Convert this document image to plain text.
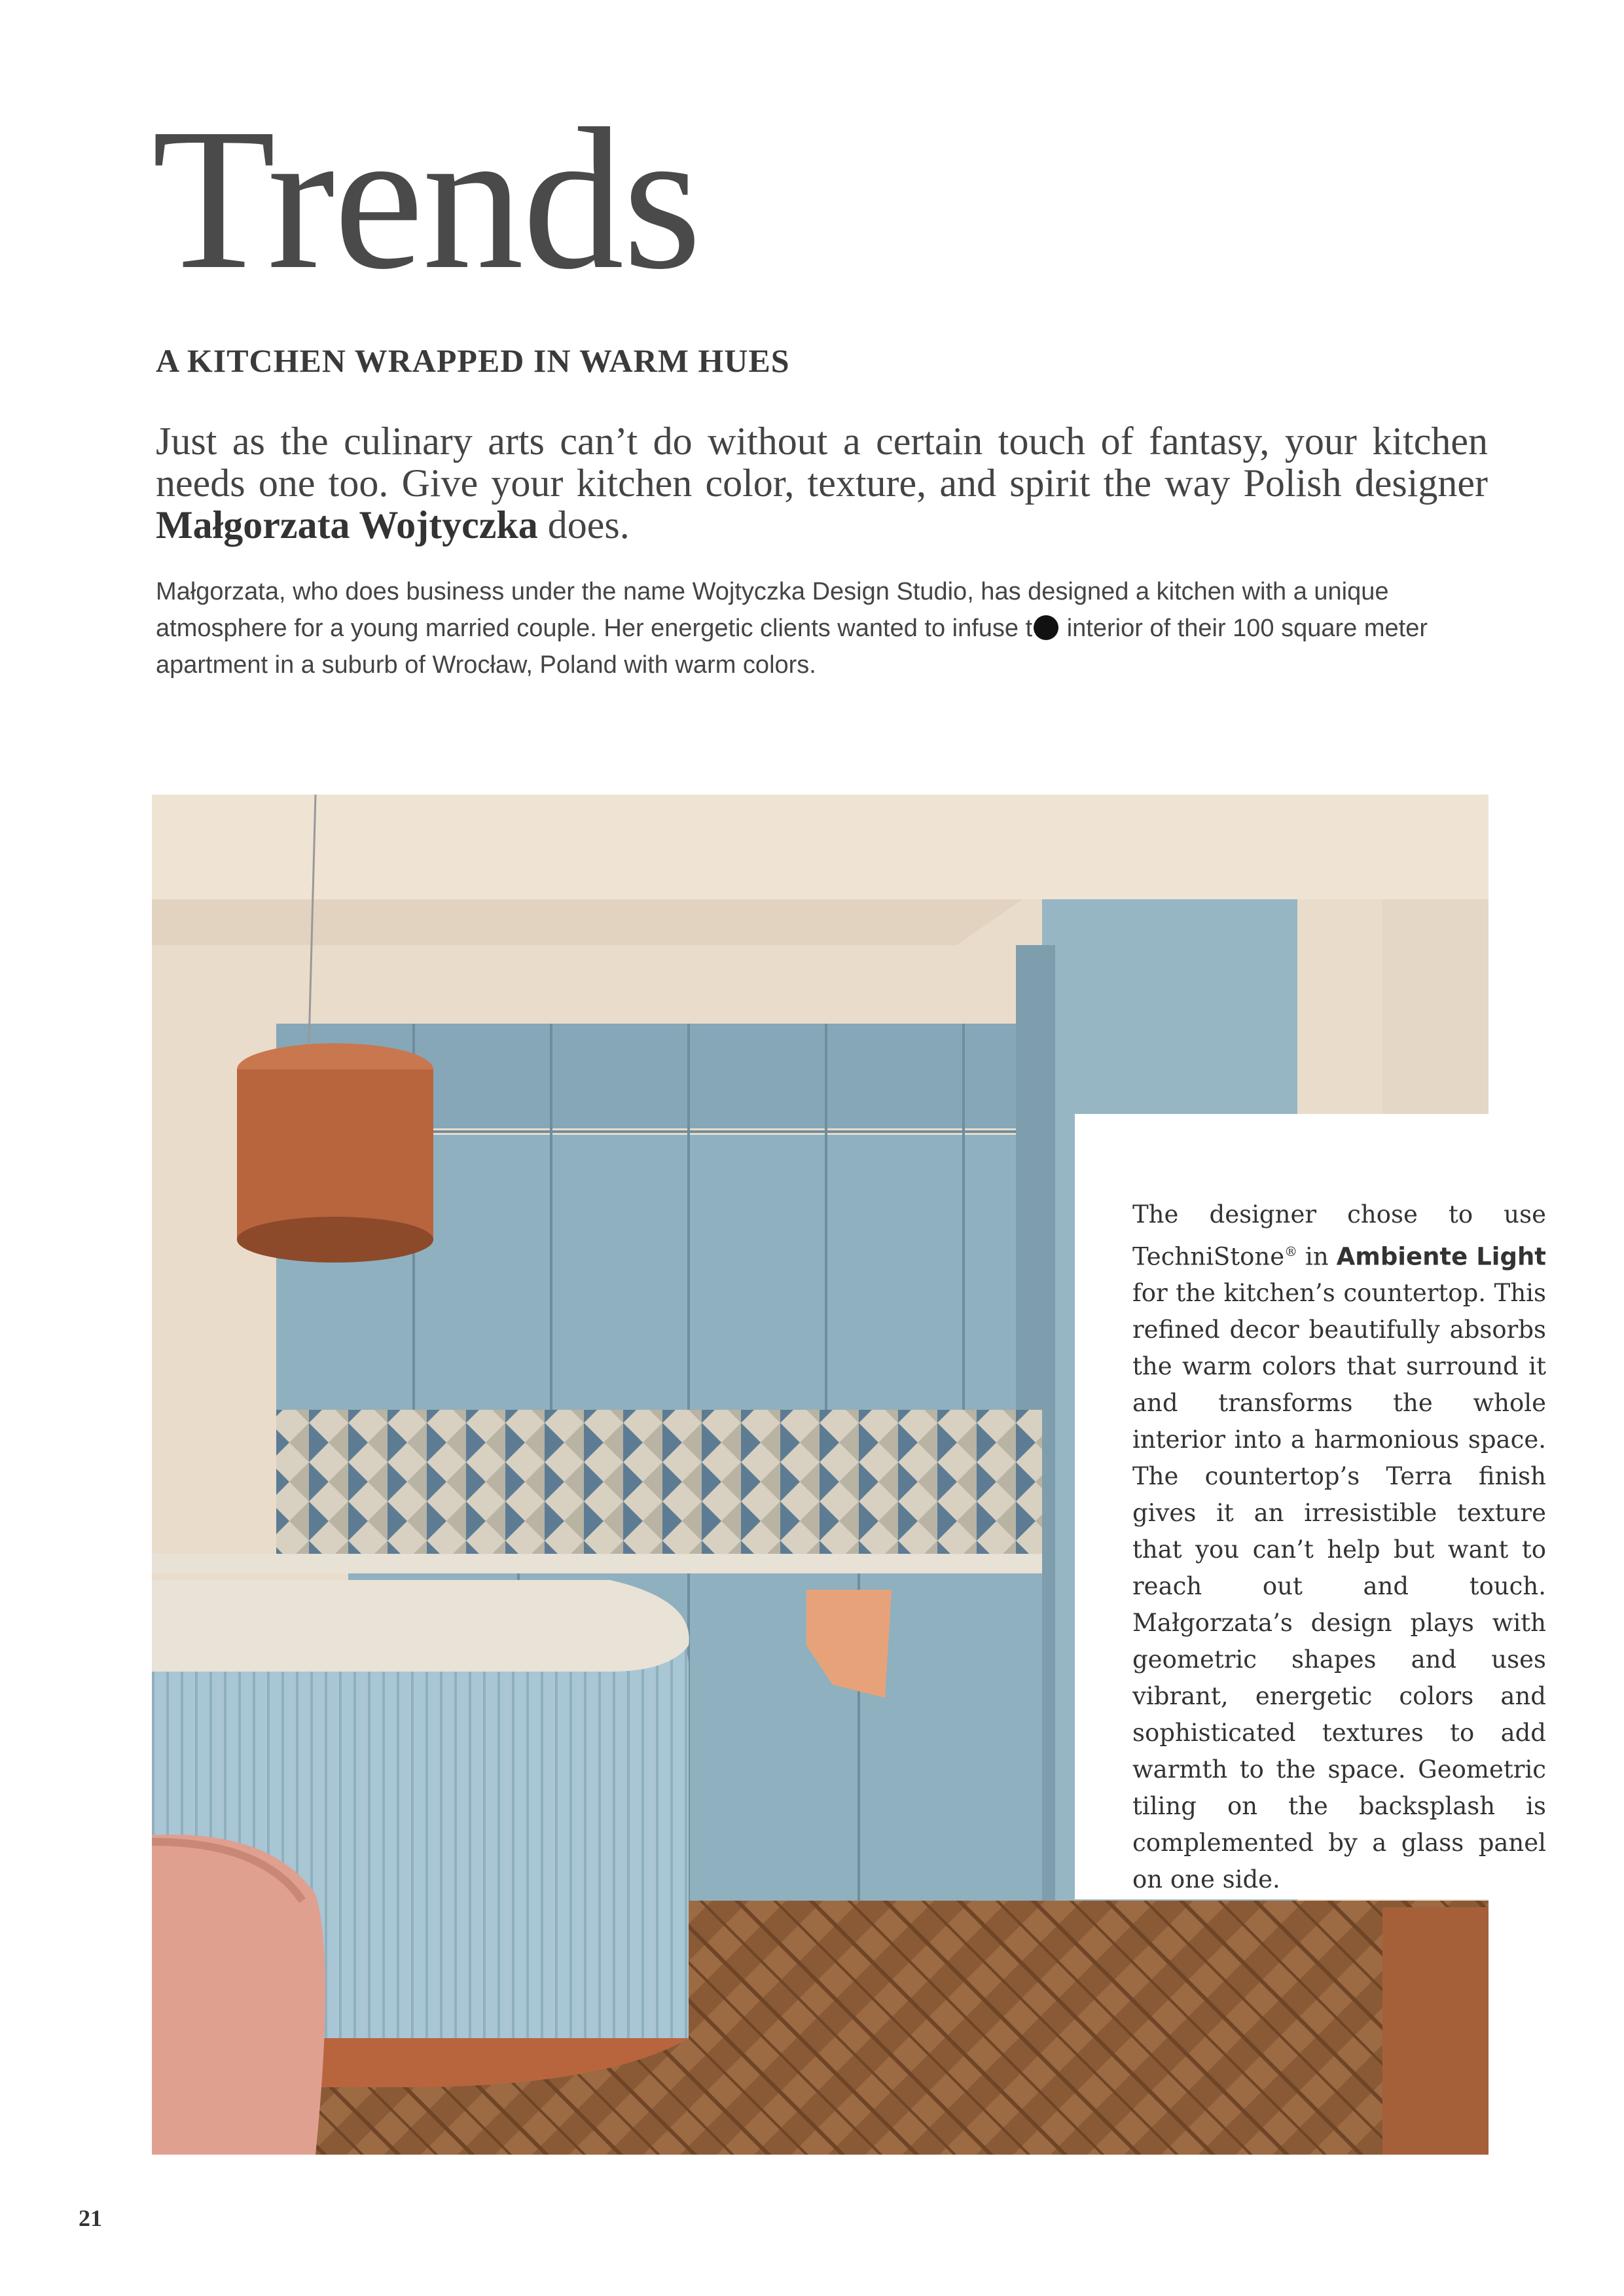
Trends
A KITCHEN WRAPPED IN WARM HUES

Just as the culinary arts can’t do without a certain touch of fantasy, your kitchen needs one too. Give your kitchen color, texture, and spirit the way Polish designer Małgorzata Wojtyczka does.

Małgorzata, who does business under the name Wojtyczka Design Studio, has designed a kitchen with a unique atmosphere for a young married couple. Her energetic clients wanted to infuse t interior of their 100 square meter apartment in a suburb of Wrocław, Poland with warm colors.

The designer chose to use TechniStone® in Ambiente Light for the kitchen’s countertop. This refined decor beautifully absorbs the warm colors that surround it and transforms the whole interior into a harmonious space. The countertop’s Terra finish gives it an irresistible texture that you can’t help but want to reach out and touch. Małgorzata’s design plays with geometric shapes and uses vibrant, energetic colors and sophisticated textures to add warmth to the space. Geometric tiling on the backsplash is complemented by a glass panel on one side.

21
